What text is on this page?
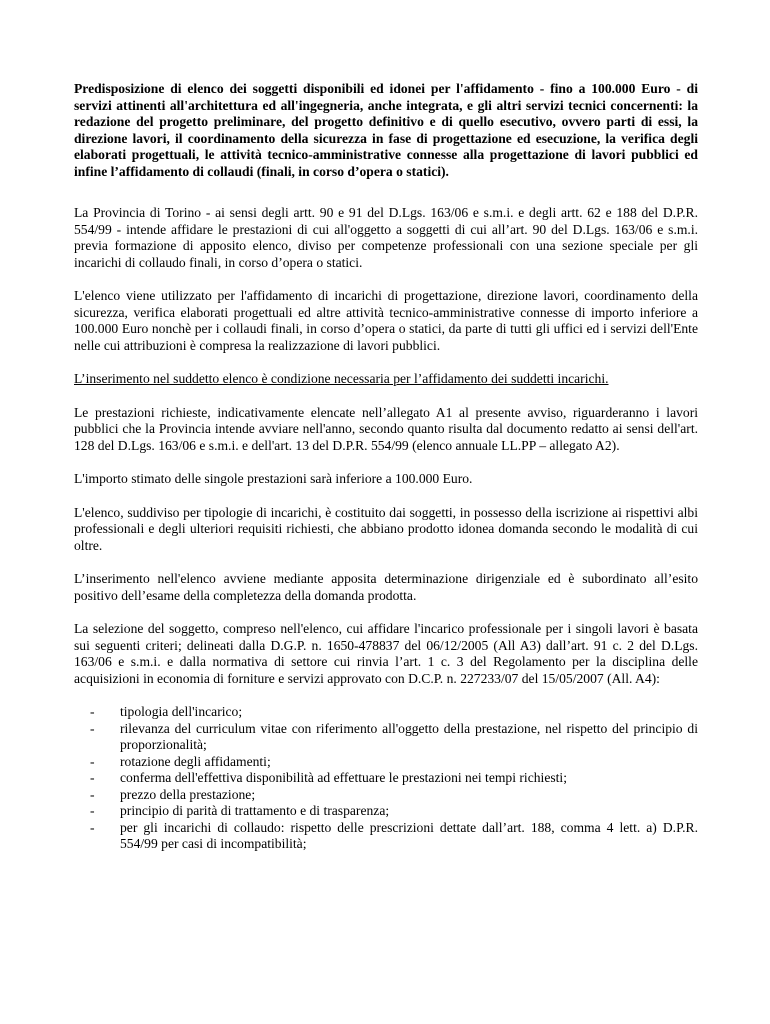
Predisposizione di elenco dei soggetti disponibili ed idonei per l'affidamento - fino a 100.000 Euro - di servizi attinenti all'architettura ed all'ingegneria, anche integrata, e gli altri servizi tecnici concernenti: la redazione del progetto preliminare, del progetto definitivo e di quello esecutivo, ovvero parti di essi, la direzione lavori, il coordinamento della sicurezza in fase di progettazione ed esecuzione, la verifica degli elaborati progettuali, le attività tecnico-amministrative connesse alla progettazione di lavori pubblici ed infine l’affidamento di collaudi (finali, in corso d’opera o statici).

La Provincia di Torino - ai sensi degli artt. 90 e 91 del D.Lgs. 163/06 e s.m.i. e degli artt. 62 e 188 del D.P.R. 554/99 - intende affidare le prestazioni di cui all'oggetto a soggetti di cui all’art. 90 del D.Lgs. 163/06 e s.m.i. previa formazione di apposito elenco, diviso per competenze professionali con una sezione speciale per gli incarichi di collaudo finali, in corso d’opera o statici.

L'elenco viene utilizzato per l'affidamento di incarichi di progettazione, direzione lavori, coordinamento della sicurezza, verifica elaborati progettuali ed altre attività tecnico-amministrative connesse di importo inferiore a 100.000 Euro nonchè per i collaudi finali, in corso d’opera o statici, da parte di tutti gli uffici ed i servizi dell'Ente nelle cui attribuzioni è compresa la realizzazione di lavori pubblici.

L’inserimento nel suddetto elenco è condizione necessaria per l’affidamento dei suddetti incarichi.

Le prestazioni richieste, indicativamente elencate nell’allegato A1 al presente avviso, riguarderanno i lavori pubblici che la Provincia intende avviare nell'anno, secondo quanto risulta dal documento redatto ai sensi dell'art. 128 del D.Lgs. 163/06 e s.m.i. e dell'art. 13 del D.P.R. 554/99 (elenco annuale LL.PP – allegato A2).

L'importo stimato delle singole prestazioni sarà inferiore a 100.000 Euro.

L'elenco, suddiviso per tipologie di incarichi, è costituito dai soggetti, in possesso della iscrizione ai rispettivi albi professionali e degli ulteriori requisiti richiesti, che abbiano prodotto idonea domanda secondo le modalità di cui oltre.

L’inserimento nell'elenco avviene mediante apposita determinazione dirigenziale ed è subordinato all’esito positivo dell’esame della completezza della domanda prodotta.

La selezione del soggetto, compreso nell'elenco, cui affidare l'incarico professionale per i singoli lavori è basata sui seguenti criteri; delineati dalla D.G.P. n. 1650-478837 del 06/12/2005 (All A3) dall’art. 91 c. 2 del D.Lgs. 163/06 e s.m.i. e dalla normativa di settore cui rinvia l’art. 1 c. 3 del Regolamento per la disciplina delle acquisizioni in economia di forniture e servizi approvato con D.C.P. n. 227233/07 del 15/05/2007 (All. A4):

- tipologia dell'incarico;
- rilevanza del curriculum vitae con riferimento all'oggetto della prestazione, nel rispetto del principio di proporzionalità;
- rotazione degli affidamenti;
- conferma dell'effettiva disponibilità ad effettuare le prestazioni nei tempi richiesti;
- prezzo della prestazione;
- principio di parità di trattamento e di trasparenza;
- per gli incarichi di collaudo: rispetto delle prescrizioni dettate dall’art. 188, comma 4 lett. a) D.P.R. 554/99 per casi di incompatibilità;
